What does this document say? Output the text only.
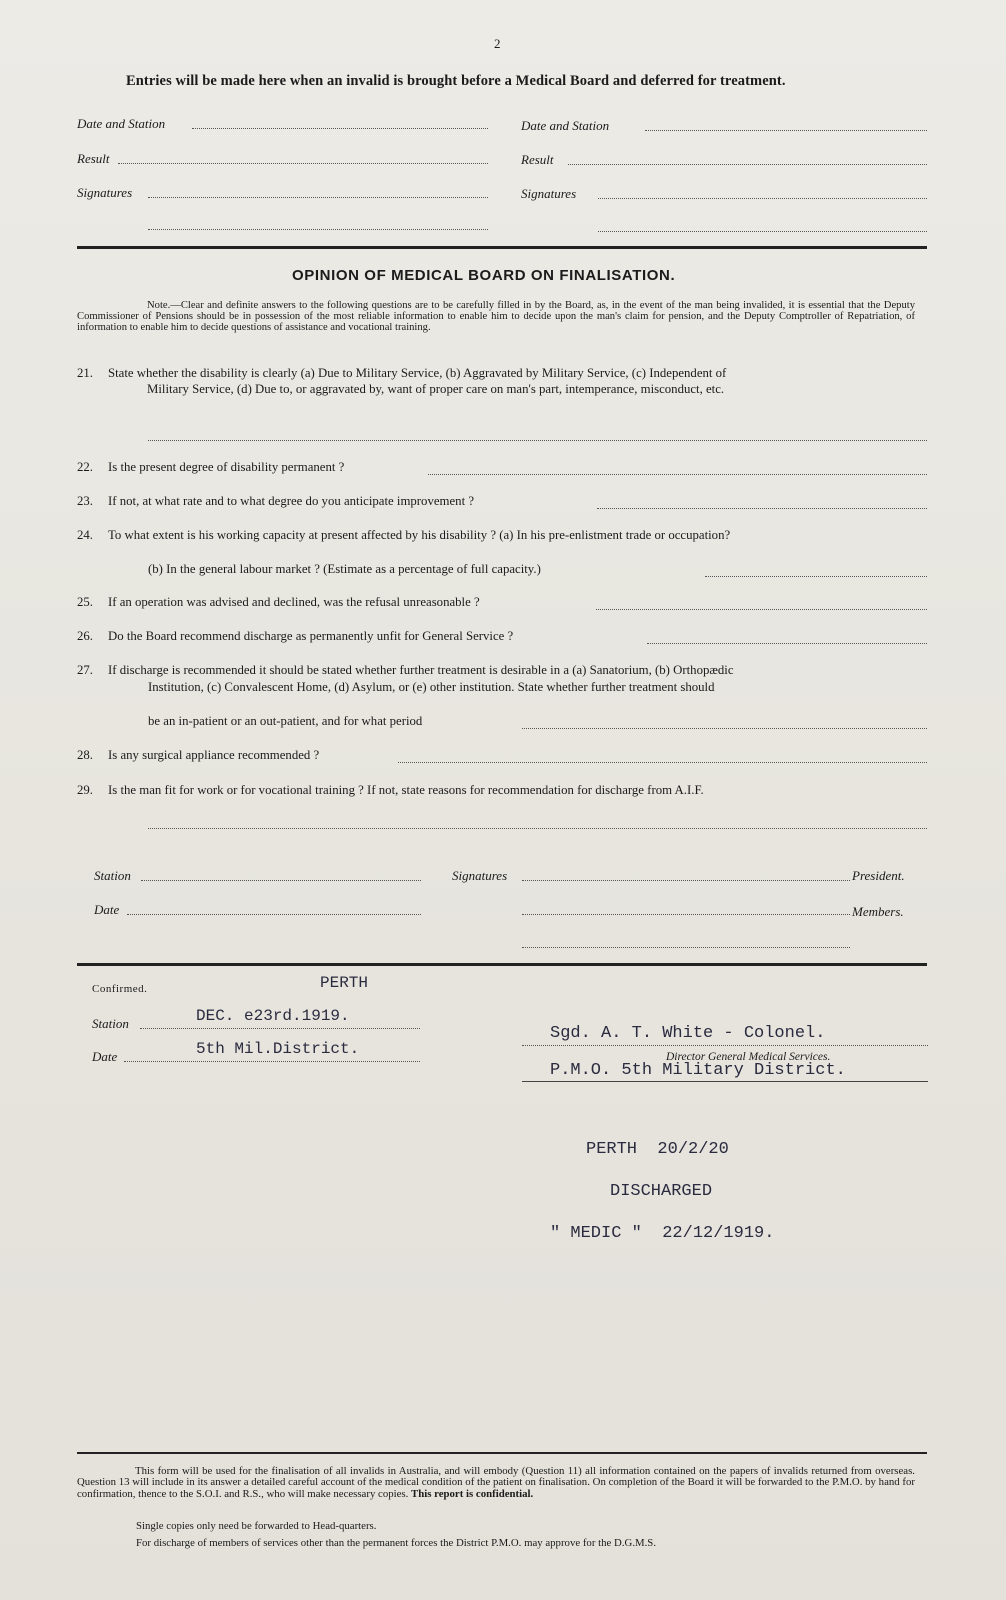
2
Entries will be made here when an invalid is brought before a Medical Board and deferred for treatment.
Date and Station	Date and Station
Result	Result
Signatures	Signatures
OPINION OF MEDICAL BOARD ON FINALISATION.
Note.—Clear and definite answers to the following questions are to be carefully filled in by the Board, as, in the event of the man being invalided, it is essential that the Deputy Commissioner of Pensions should be in possession of the most reliable information to enable him to decide upon the man's claim for pension, and the Deputy Comptroller of Repatriation, of information to enable him to decide questions of assistance and vocational training.
21. State whether the disability is clearly (a) Due to Military Service, (b) Aggravated by Military Service, (c) Independent of
Military Service, (d) Due to, or aggravated by, want of proper care on man's part, intemperance, misconduct, etc.
22. Is the present degree of disability permanent ?
23. If not, at what rate and to what degree do you anticipate improvement ?
24. To what extent is his working capacity at present affected by his disability ? (a) In his pre-enlistment trade or occupation?
(b) In the general labour market ? (Estimate as a percentage of full capacity.)
25. If an operation was advised and declined, was the refusal unreasonable ?
26. Do the Board recommend discharge as permanently unfit for General Service ?
27. If discharge is recommended it should be stated whether further treatment is desirable in a (a) Sanatorium, (b) Orthopædic
Institution, (c) Convalescent Home, (d) Asylum, or (e) other institution. State whether further treatment should
be an in-patient or an out-patient, and for what period
28. Is any surgical appliance recommended ?
29. Is the man fit for work or for vocational training ? If not, state reasons for recommendation for discharge from A.I.F.
Station	Signatures	President.
Date	Members.
Confirmed.	PERTH
Station	DEC. e23rd.1919.
Date	5th Mil.District.
Sgd. A. T. White - Colonel.
Director General Medical Services.
P.M.O. 5th Military District.
PERTH  20/2/20
DISCHARGED
" MEDIC "  22/12/1919.
This form will be used for the finalisation of all invalids in Australia, and will embody (Question 11) all information contained on the papers of invalids returned from overseas. Question 13 will include in its answer a detailed careful account of the medical condition of the patient on finalisation. On completion of the Board it will be forwarded to the P.M.O. by hand for confirmation, thence to the S.O.I. and R.S., who will make necessary copies. This report is confidential.
Single copies only need be forwarded to Head-quarters.
For discharge of members of services other than the permanent forces the District P.M.O. may approve for the D.G.M.S.
